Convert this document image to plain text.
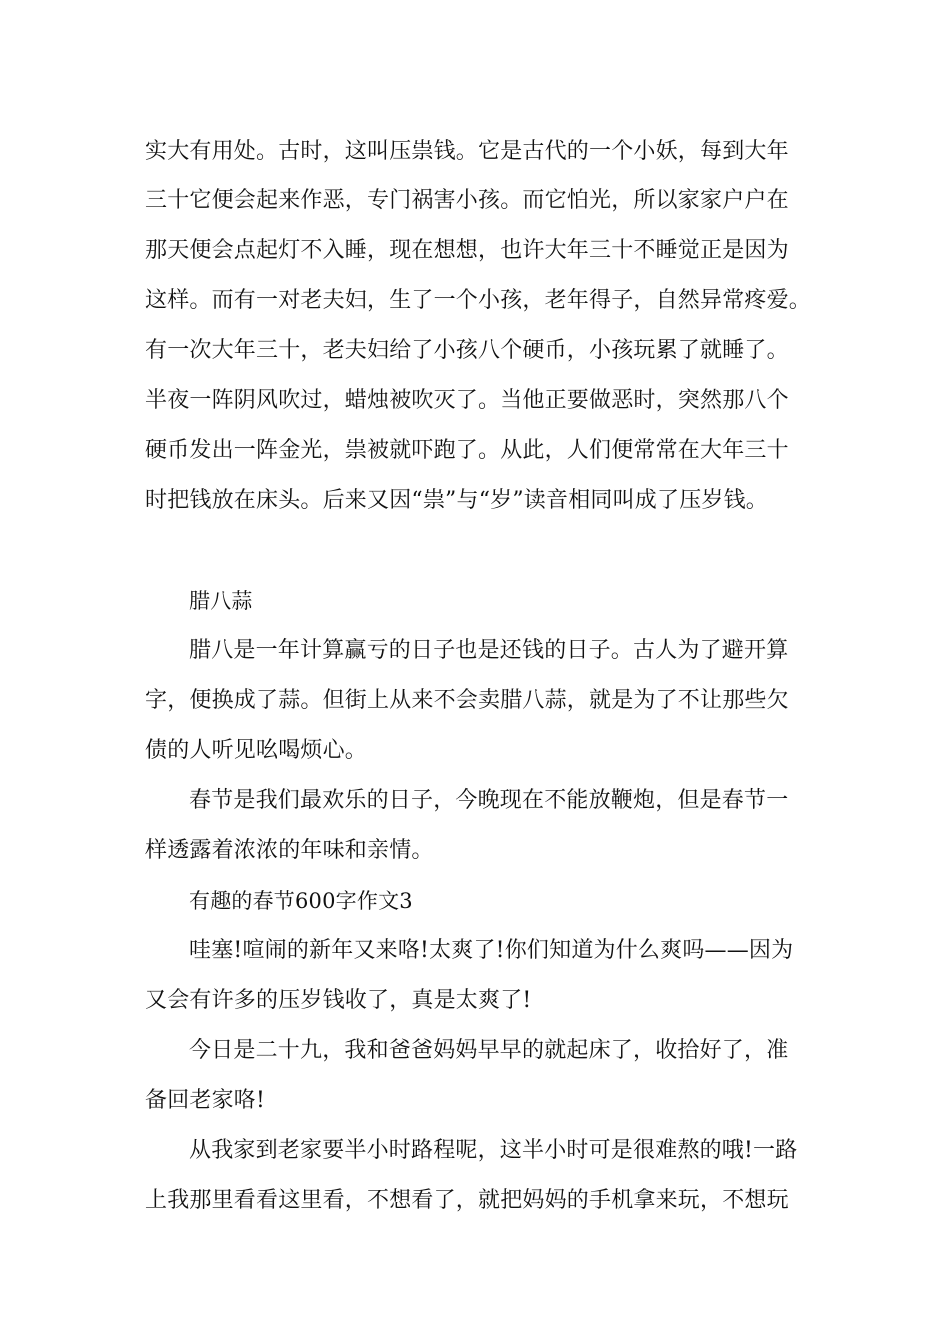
实大有用处。古时，这叫压祟钱。它是古代的一个小妖，每到大年
三十它便会起来作恶，专门祸害小孩。而它怕光，所以家家户户在
那天便会点起灯不入睡，现在想想，也许大年三十不睡觉正是因为
这样。而有一对老夫妇，生了一个小孩，老年得子，自然异常疼爱。
有一次大年三十，老夫妇给了小孩八个硬币，小孩玩累了就睡了。
半夜一阵阴风吹过，蜡烛被吹灭了。当他正要做恶时，突然那八个
硬币发出一阵金光，祟被就吓跑了。从此，人们便常常在大年三十
时把钱放在床头。后来又因“祟”与“岁”读音相同叫成了压岁钱。
腊八蒜
腊八是一年计算赢亏的日子也是还钱的日子。古人为了避开算
字，便换成了蒜。但街上从来不会卖腊八蒜，就是为了不让那些欠
债的人听见吆喝烦心。
春节是我们最欢乐的日子，今晚现在不能放鞭炮，但是春节一
样透露着浓浓的年味和亲情。
有趣的春节600字作文3
哇塞!喧闹的新年又来咯!太爽了!你们知道为什么爽吗——因为
又会有许多的压岁钱收了，真是太爽了!
今日是二十九，我和爸爸妈妈早早的就起床了，收拾好了，准
备回老家咯!
从我家到老家要半小时路程呢，这半小时可是很难熬的哦!一路
上我那里看看这里看，不想看了，就把妈妈的手机拿来玩，不想玩
